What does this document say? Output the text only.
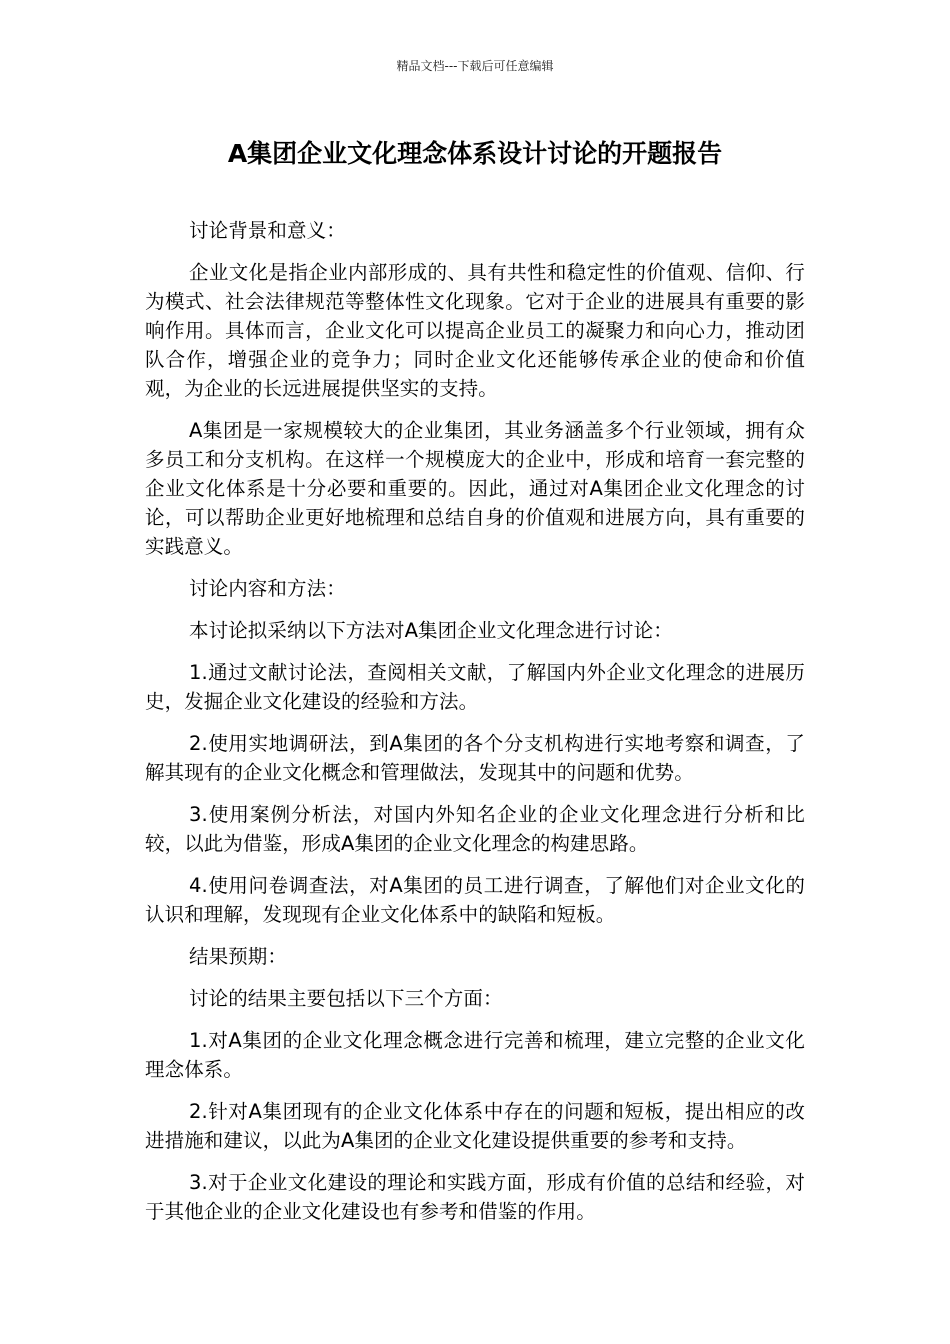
精品文档---下载后可任意编辑
A集团企业文化理念体系设计讨论的开题报告

讨论背景和意义：

企业文化是指企业内部形成的、具有共性和稳定性的价值观、信仰、行为模式、社会法律规范等整体性文化现象。它对于企业的进展具有重要的影响作用。具体而言，企业文化可以提高企业员工的凝聚力和向心力，推动团队合作，增强企业的竞争力；同时企业文化还能够传承企业的使命和价值观，为企业的长远进展提供坚实的支持。

A集团是一家规模较大的企业集团，其业务涵盖多个行业领域，拥有众多员工和分支机构。在这样一个规模庞大的企业中，形成和培育一套完整的企业文化体系是十分必要和重要的。因此，通过对A集团企业文化理念的讨论，可以帮助企业更好地梳理和总结自身的价值观和进展方向，具有重要的实践意义。

讨论内容和方法：

本讨论拟采纳以下方法对A集团企业文化理念进行讨论：

1.通过文献讨论法，查阅相关文献，了解国内外企业文化理念的进展历史，发掘企业文化建设的经验和方法。

2.使用实地调研法，到A集团的各个分支机构进行实地考察和调查，了解其现有的企业文化概念和管理做法，发现其中的问题和优势。

3.使用案例分析法，对国内外知名企业的企业文化理念进行分析和比较，以此为借鉴，形成A集团的企业文化理念的构建思路。

4.使用问卷调查法，对A集团的员工进行调查，了解他们对企业文化的认识和理解，发现现有企业文化体系中的缺陷和短板。

结果预期：

讨论的结果主要包括以下三个方面：

1.对A集团的企业文化理念概念进行完善和梳理，建立完整的企业文化理念体系。

2.针对A集团现有的企业文化体系中存在的问题和短板，提出相应的改进措施和建议，以此为A集团的企业文化建设提供重要的参考和支持。

3.对于企业文化建设的理论和实践方面，形成有价值的总结和经验，对于其他企业的企业文化建设也有参考和借鉴的作用。
